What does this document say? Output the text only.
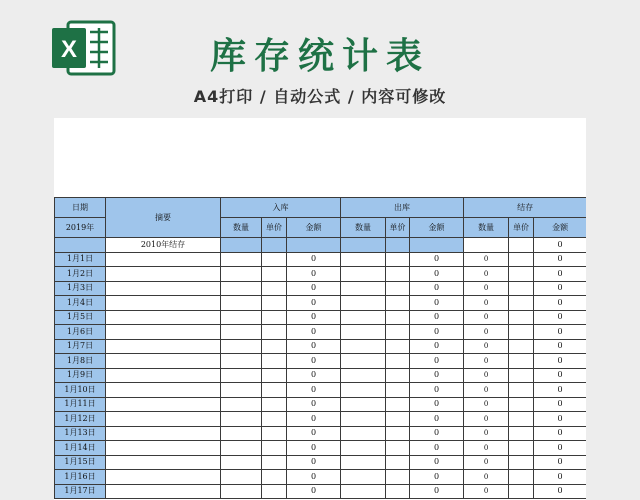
X	库存统计表
A4打印 / 自动公式 / 内容可修改
日期	摘要	入库			出库			结存		
2019年		数量	单价	金额	数量	单价	金额	数量	单价	金额
	2010年结存									0
1月1日				0			0	0		0
1月2日				0			0	0		0
1月3日				0			0	0		0
1月4日				0			0	0		0
1月5日				0			0	0		0
1月6日				0			0	0		0
1月7日				0			0	0		0
1月8日				0			0	0		0
1月9日				0			0	0		0
1月10日				0			0	0		0
1月11日				0			0	0		0
1月12日				0			0	0		0
1月13日				0			0	0		0
1月14日				0			0	0		0
1月15日				0			0	0		0
1月16日				0			0	0		0
1月17日				0			0	0		0
